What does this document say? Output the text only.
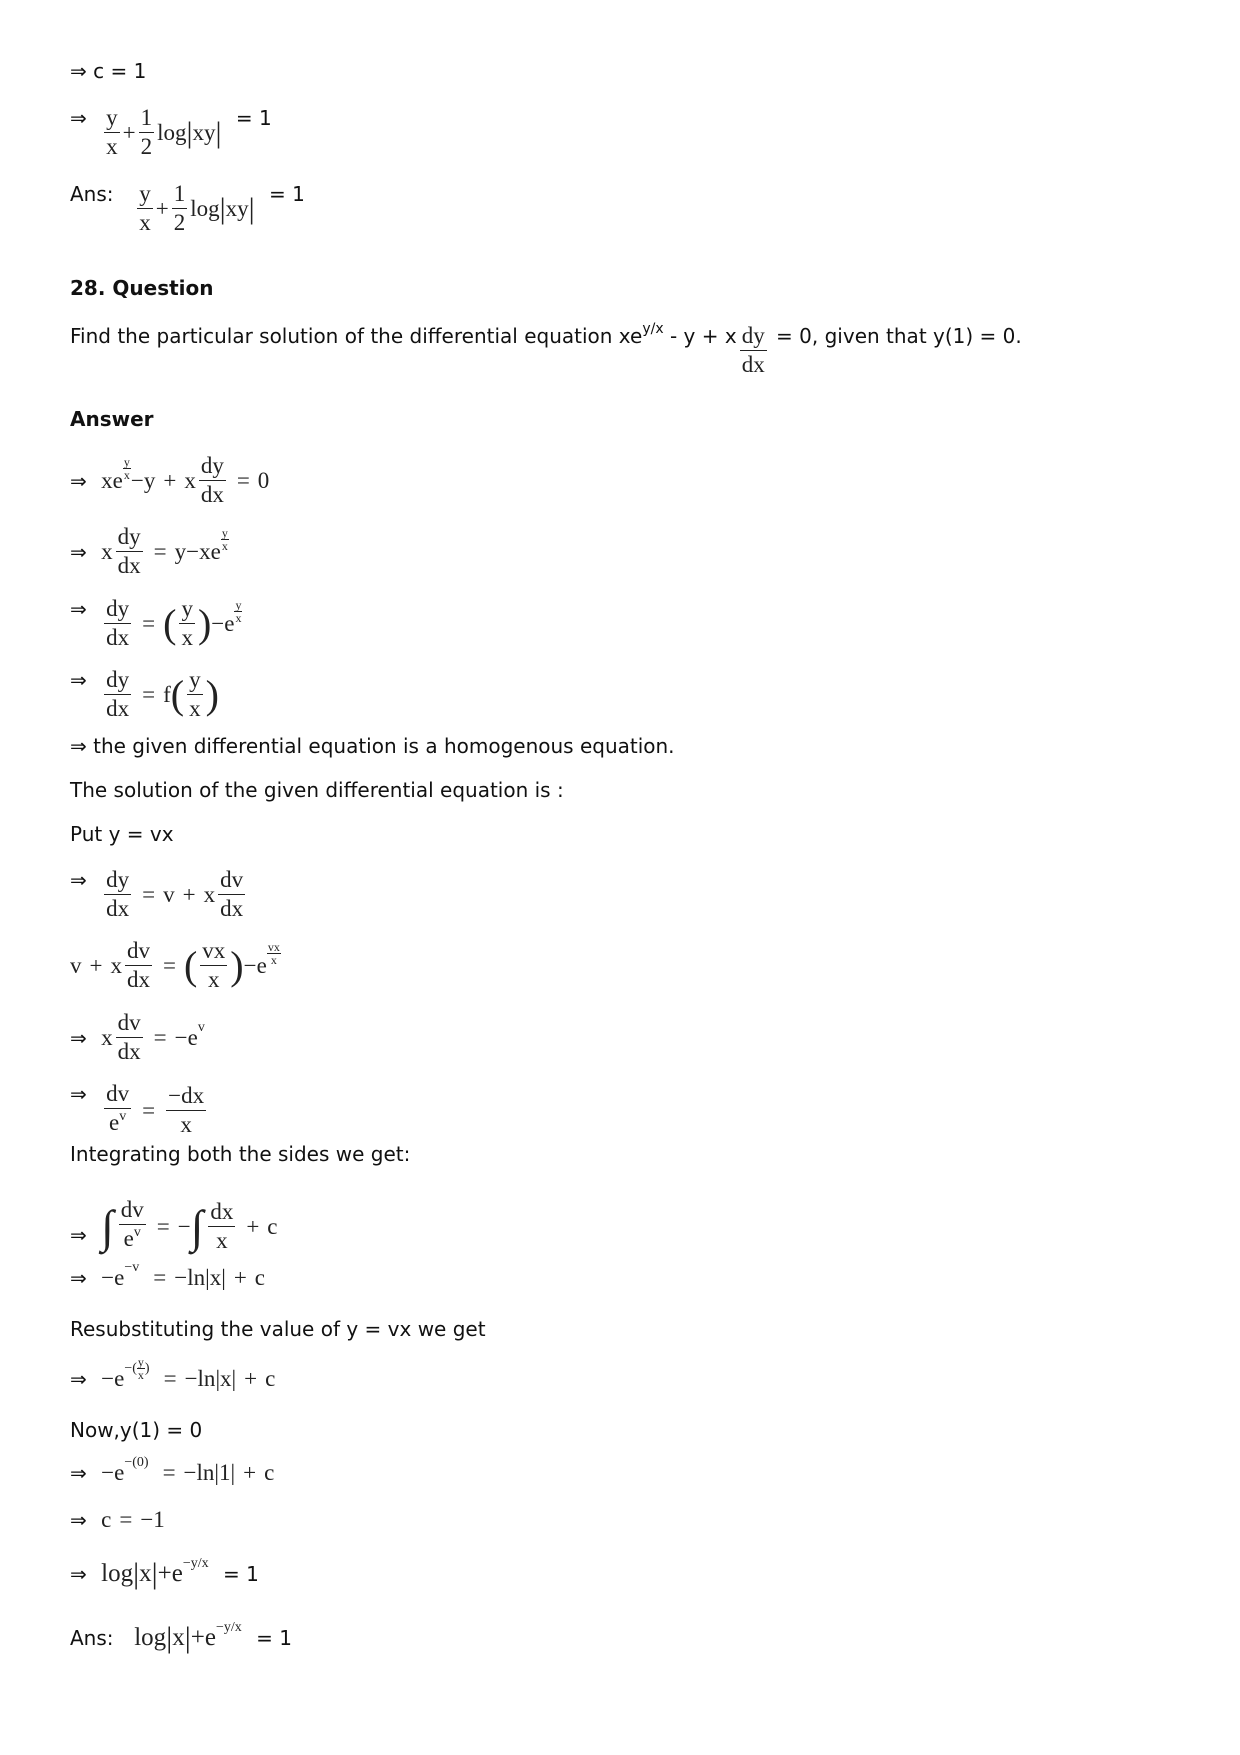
⇒ c = 1
⇒ $\frac{y}{x} + \frac{1}{2}$ log | xy | = 1
Ans: $\frac{y}{x} + \frac{1}{2}$ log | xy | = 1
28. Question
Find the particular solution of the differential equation $xe^{y/x} - y + x \frac{dy}{dx} = 0$, given that y(1) = 0.
Answer
⇒ xe
y
x − y + x $\frac{dy}{dx} = 0$
⇒ x $\frac{dy}{dx} = y$ − xe
y
x
⇒ $\frac{dy}{dx}$ = ( $\frac{y}{x}$ ) − e
y
x
⇒ $\frac{dy}{dx} = f$ ( $\frac{y}{x}$ )
⇒ the given differential equation is a homogenous equation.
The solution of the given differential equation is :
Put y = vx
⇒ $\frac{dy}{dx} = v + x \frac{dv}{dx}$
v + x $\frac{dv}{dx}$ = ( $\frac{vx}{x}$ ) − e
vx
x
⇒ x $\frac{dv}{dx}$ = − e v
⇒ $\frac{dv}{e^v} = \frac{-dx}{x}$
Integrating both the sides we get:
⇒ ∫ $\frac{dv}{e^v}$ = − ∫ $\frac{dx}{x} + c$
⇒ − e −v = − ln | x | + c
Resubstituting the value of y = vx we get
⇒ − e − ( $\frac{y}{x}$ ) = − ln | x | + c
Now,y(1) = 0
⇒ − e −(0) = − ln | 1 | + c
⇒ c = −1
⇒ log | x | + e −y/x = 1
Ans: log | x | + e −y/x = 1
